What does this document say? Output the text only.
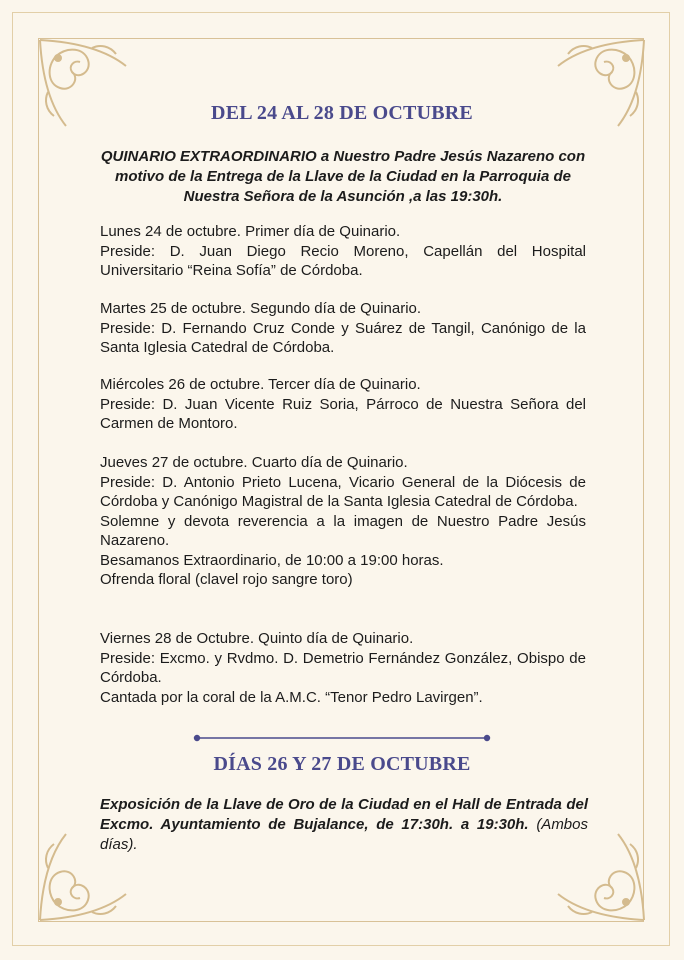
DEL 24 AL 28 DE OCTUBRE
QUINARIO EXTRAORDINARIO a Nuestro Padre Jesús Nazareno con motivo de la Entrega de la Llave de la Ciudad en la Parroquia de Nuestra Señora de la Asunción ,a las 19:30h.

Lunes 24 de octubre. Primer día de Quinario.

Preside: D. Juan Diego Recio Moreno, Capellán del Hospital Universitario “Reina Sofía” de Córdoba.

Martes 25 de octubre. Segundo día de Quinario.

Preside: D. Fernando Cruz Conde y Suárez de Tangil, Canónigo de la Santa Iglesia Catedral de Córdoba.

Miércoles 26 de octubre. Tercer día de Quinario.

Preside: D. Juan Vicente Ruiz Soria, Párroco de Nuestra Señora del Carmen de Montoro.

Jueves 27 de octubre. Cuarto día de Quinario.

Preside: D. Antonio Prieto Lucena, Vicario General de la Diócesis de Córdoba y Canónigo Magistral de la Santa Iglesia Catedral de Córdoba.

Solemne y devota reverencia a la imagen de Nuestro Padre Jesús Nazareno.

Besamanos Extraordinario, de 10:00 a 19:00 horas.

Ofrenda floral (clavel rojo sangre toro)

Viernes 28 de Octubre. Quinto día de Quinario.

Preside: Excmo. y Rvdmo. D. Demetrio Fernández González, Obispo de Córdoba.

Cantada por la coral de la A.M.C. “Tenor Pedro Lavirgen”.

DÍAS 26 Y 27 DE OCTUBRE
Exposición de la Llave de Oro de la Ciudad en el Hall de Entrada del Excmo. Ayuntamiento de Bujalance, de 17:30h. a 19:30h. (Ambos días).
